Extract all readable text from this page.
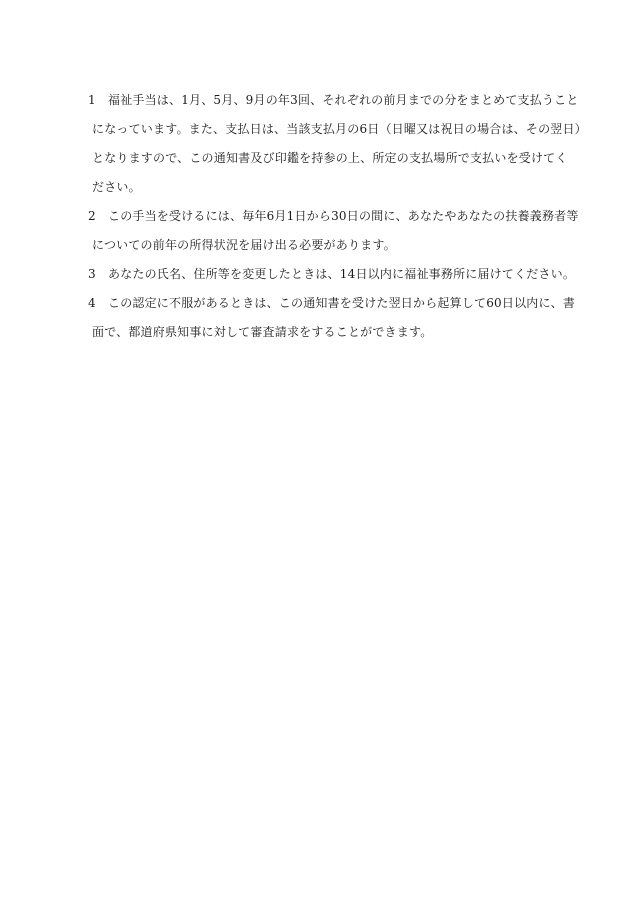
1	福祉手当は、1月、5月、9月の年3回、それぞれの前月までの分をまとめて支払うこと
になっています。また、支払日は、当該支払月の6日（日曜又は祝日の場合は、その翌日）
となりますので、この通知書及び印鑑を持参の上、所定の支払場所で支払いを受けてく
ださい。

2	この手当を受けるには、毎年6月1日から30日の間に、あなたやあなたの扶養義務者等
についての前年の所得状況を届け出る必要があります。

3	あなたの氏名、住所等を変更したときは、14日以内に福祉事務所に届けてください。

4	この認定に不服があるときは、この通知書を受けた翌日から起算して60日以内に、書
面で、都道府県知事に対して審査請求をすることができます。
